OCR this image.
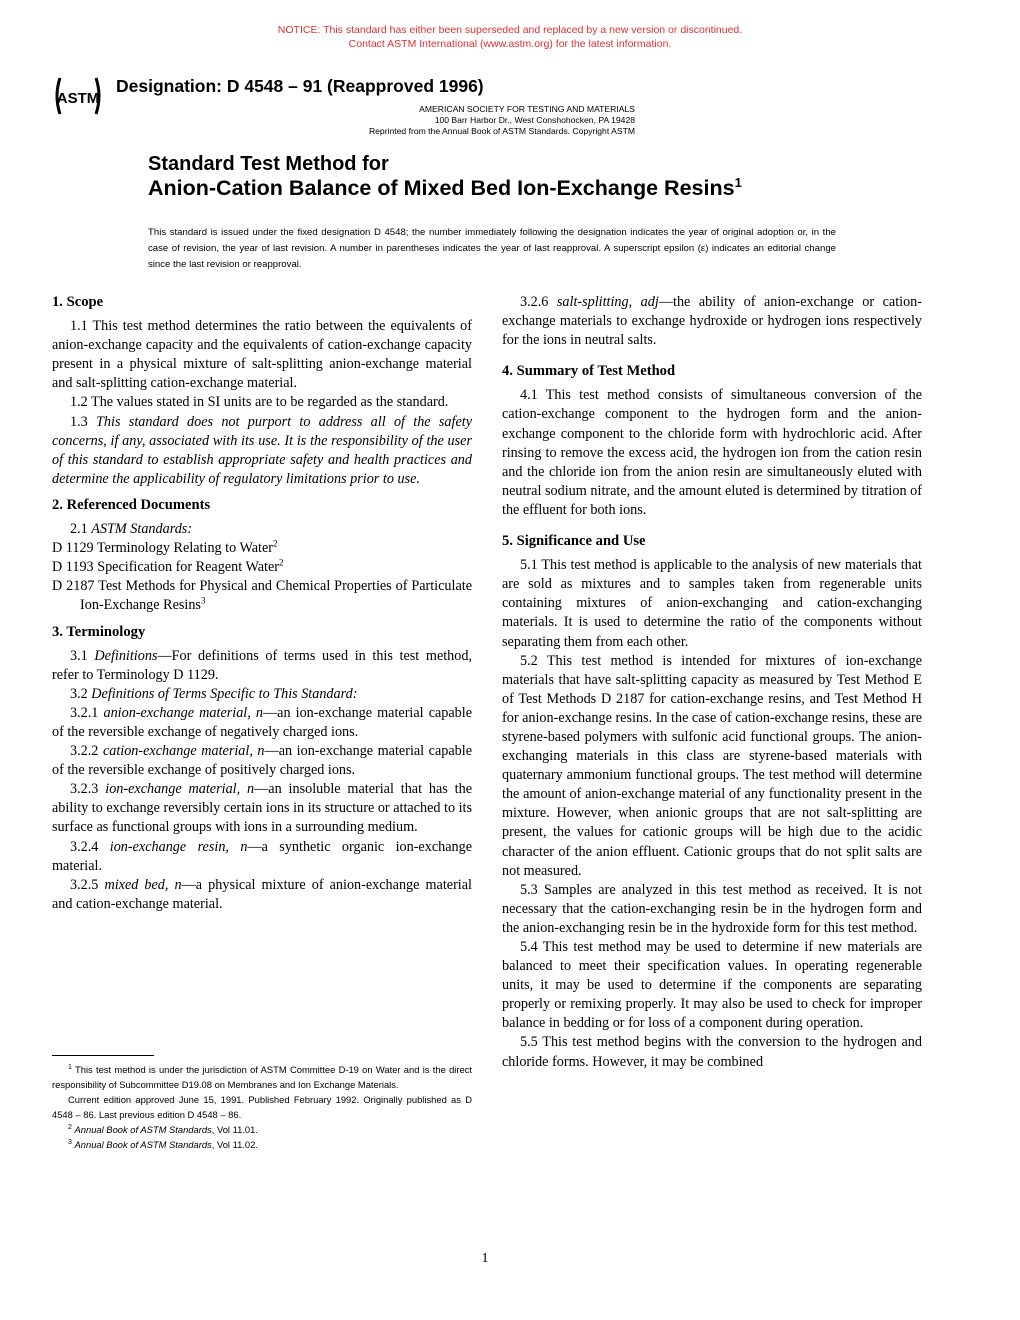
NOTICE: This standard has either been superseded and replaced by a new version or discontinued.
Contact ASTM International (www.astm.org) for the latest information.
ASTM
Designation: D 4548 – 91 (Reapproved 1996)
AMERICAN SOCIETY FOR TESTING AND MATERIALS
100 Barr Harbor Dr., West Conshohocken, PA 19428
Reprinted from the Annual Book of ASTM Standards. Copyright ASTM
Standard Test Method for
Anion-Cation Balance of Mixed Bed Ion-Exchange Resins$^1$
This standard is issued under the fixed designation D 4548; the number immediately following the designation indicates the year of original adoption or, in the case of revision, the year of last revision. A number in parentheses indicates the year of last reapproval. A superscript epsilon (ε) indicates an editorial change since the last revision or reapproval.
1. Scope

1.1 This test method determines the ratio between the equivalents of anion-exchange capacity and the equivalents of cation-exchange capacity present in a physical mixture of salt-splitting anion-exchange material and salt-splitting cation-exchange material.

1.2 The values stated in SI units are to be regarded as the standard.

1.3 This standard does not purport to address all of the safety concerns, if any, associated with its use. It is the responsibility of the user of this standard to establish appropriate safety and health practices and determine the applicability of regulatory limitations prior to use.

2. Referenced Documents

2.1 ASTM Standards:

D 1129 Terminology Relating to Water$^2$

D 1193 Specification for Reagent Water$^2$

D 2187 Test Methods for Physical and Chemical Properties of Particulate Ion-Exchange Resins$^3$

3. Terminology

3.1 Definitions—For definitions of terms used in this test method, refer to Terminology D 1129.

3.2 Definitions of Terms Specific to This Standard:

3.2.1 anion-exchange material, n—an ion-exchange material capable of the reversible exchange of negatively charged ions.

3.2.2 cation-exchange material, n—an ion-exchange material capable of the reversible exchange of positively charged ions.

3.2.3 ion-exchange material, n—an insoluble material that has the ability to exchange reversibly certain ions in its structure or attached to its surface as functional groups with ions in a surrounding medium.

3.2.4 ion-exchange resin, n—a synthetic organic ion-exchange material.

3.2.5 mixed bed, n—a physical mixture of anion-exchange material and cation-exchange material.

3.2.6 salt-splitting, adj—the ability of anion-exchange or cation-exchange materials to exchange hydroxide or hydrogen ions respectively for the ions in neutral salts.

4. Summary of Test Method

4.1 This test method consists of simultaneous conversion of the cation-exchange component to the hydrogen form and the anion-exchange component to the chloride form with hydrochloric acid. After rinsing to remove the excess acid, the hydrogen ion from the cation resin and the chloride ion from the anion resin are simultaneously eluted with neutral sodium nitrate, and the amount eluted is determined by titration of the effluent for both ions.

5. Significance and Use

5.1 This test method is applicable to the analysis of new materials that are sold as mixtures and to samples taken from regenerable units containing mixtures of anion-exchanging and cation-exchanging materials. It is used to determine the ratio of the components without separating them from each other.

5.2 This test method is intended for mixtures of ion-exchange materials that have salt-splitting capacity as measured by Test Method E of Test Methods D 2187 for cation-exchange resins, and Test Method H for anion-exchange resins. In the case of cation-exchange resins, these are styrene-based polymers with sulfonic acid functional groups. The anion-exchanging materials in this class are styrene-based materials with quaternary ammonium functional groups. The test method will determine the amount of anion-exchange material of any functionality present in the mixture. However, when anionic groups that are not salt-splitting are present, the values for cationic groups will be high due to the acidic character of the anion effluent. Cationic groups that do not split salts are not measured.

5.3 Samples are analyzed in this test method as received. It is not necessary that the cation-exchanging resin be in the hydrogen form and the anion-exchanging resin be in the hydroxide form for this test method.

5.4 This test method may be used to determine if new materials are balanced to meet their specification values. In operating regenerable units, it may be used to determine if the components are separating properly or remixing properly. It may also be used to check for improper balance in bedding or for loss of a component during operation.

5.5 This test method begins with the conversion to the hydrogen and chloride forms. However, it may be combined

$^1$ This test method is under the jurisdiction of ASTM Committee D-19 on Water and is the direct responsibility of Subcommittee D19.08 on Membranes and Ion Exchange Materials.

Current edition approved June 15, 1991. Published February 1992. Originally published as D 4548 – 86. Last previous edition D 4548 – 86.

$^2$ Annual Book of ASTM Standards, Vol 11.01.

$^3$ Annual Book of ASTM Standards, Vol 11.02.

1
